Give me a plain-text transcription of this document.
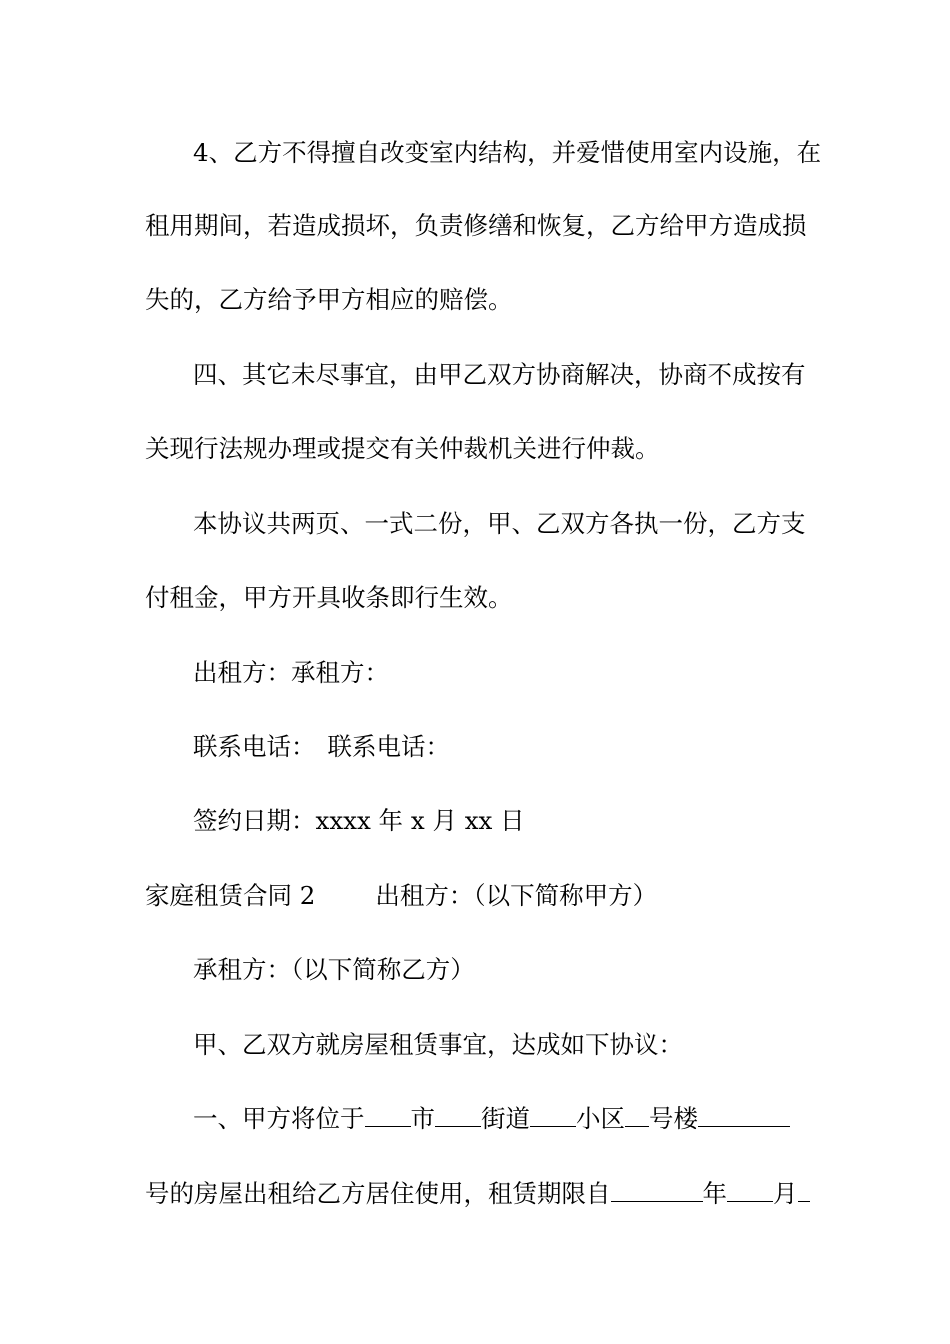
4、乙方不得擅自改变室内结构，并爱惜使用室内设施，在
租用期间，若造成损坏，负责修缮和恢复，乙方给甲方造成损
失的，乙方给予甲方相应的赔偿。
四、其它未尽事宜，由甲乙双方协商解决，协商不成按有
关现行法规办理或提交有关仲裁机关进行仲裁。
本协议共两页、一式二份，甲、乙双方各执一份，乙方支
付租金，甲方开具收条即行生效。
出租方：承租方：
联系电话： 联系电话：
签约日期：xxxx 年 x 月 xx 日
家庭租赁合同 2 出租方：（以下简称甲方）
承租方：（以下简称乙方）
甲、乙双方就房屋租赁事宜，达成如下协议：
一、甲方将位于 市 街道 小区 号楼
号的房屋出租给乙方居住使用，租赁期限自	年 月
